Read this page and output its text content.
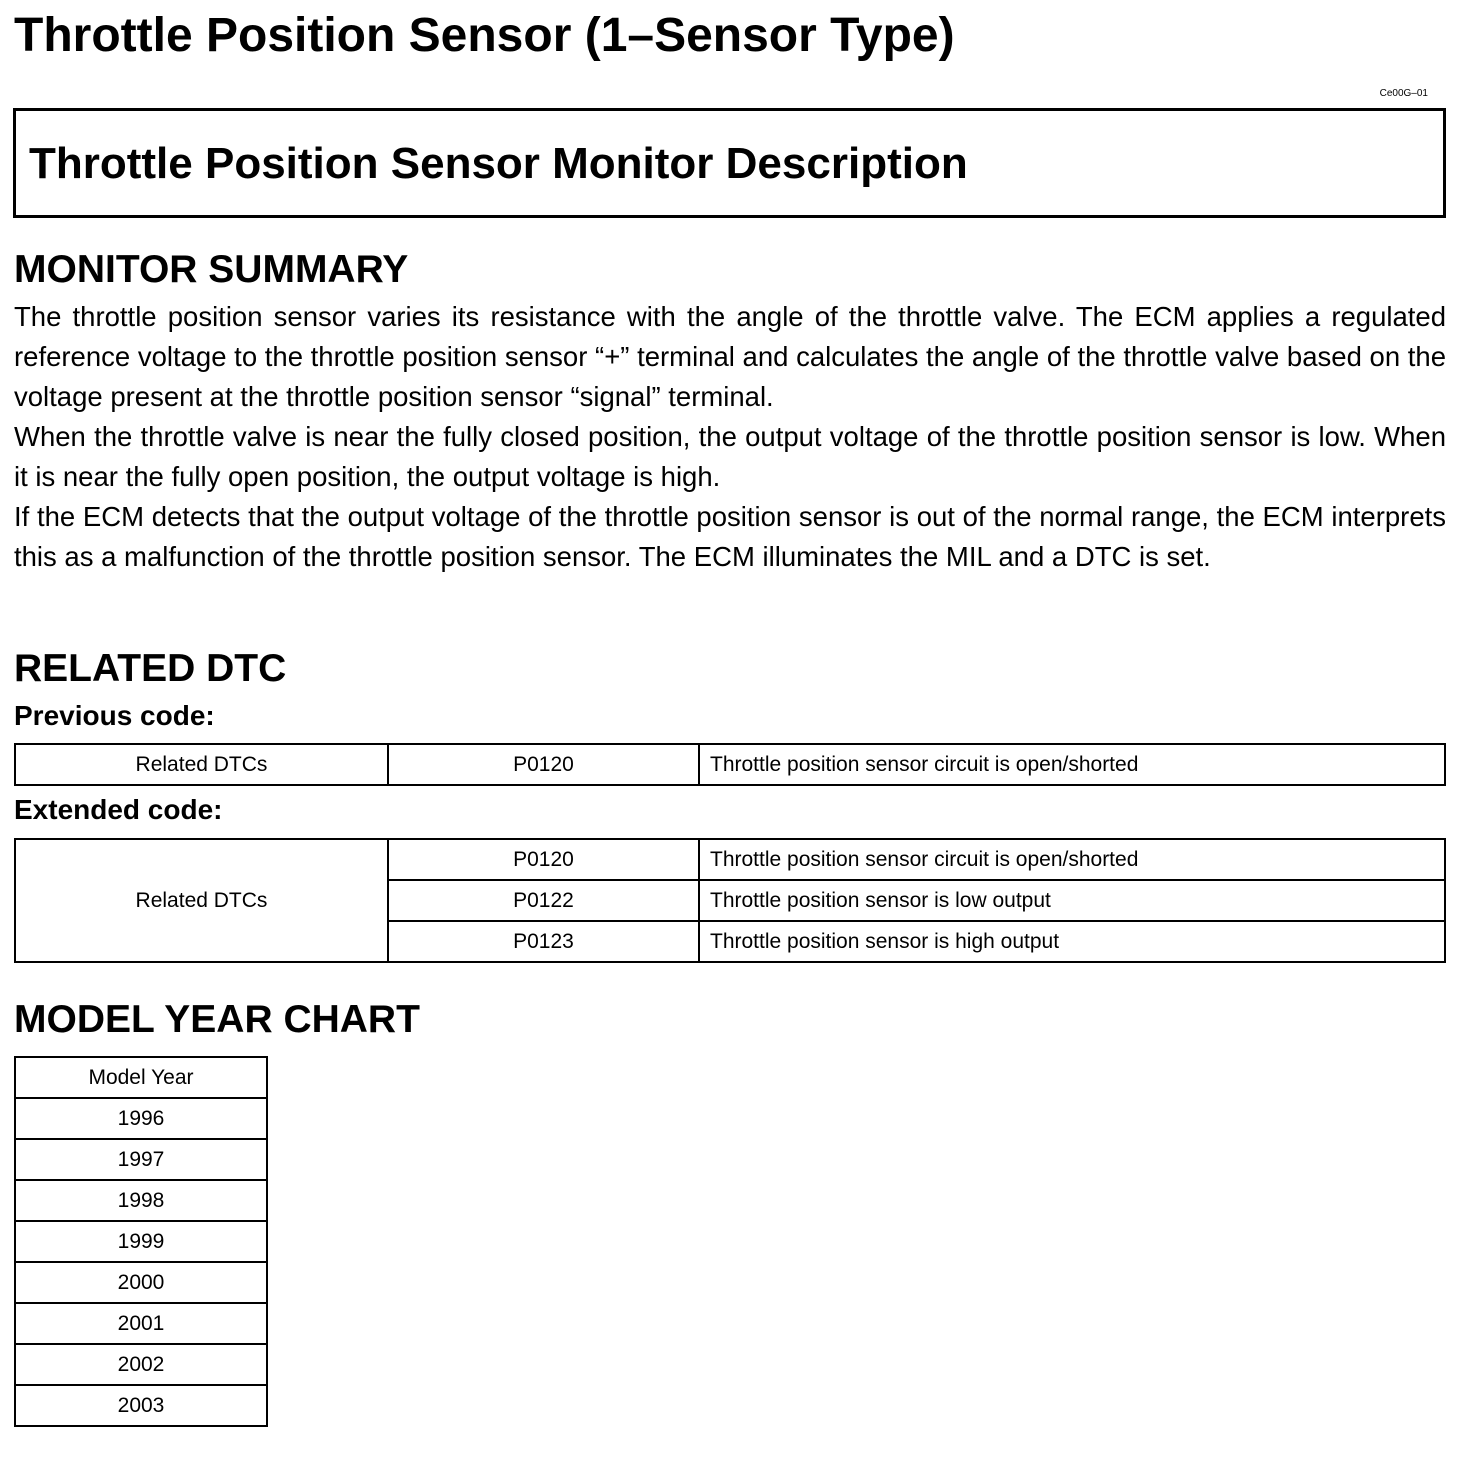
Throttle Position Sensor (1–Sensor Type)
Ce00G–01
Throttle Position Sensor Monitor Description
MONITOR SUMMARY

The throttle position sensor varies its resistance with the angle of the throttle valve. The ECM applies a regulated reference voltage to the throttle position sensor “+” terminal and calculates the angle of the throttle valve based on the voltage present at the throttle position sensor “signal” terminal.

When the throttle valve is near the fully closed position, the output voltage of the throttle position sensor is low. When it is near the fully open position, the output voltage is high.

If the ECM detects that the output voltage of the throttle position sensor is out of the normal range, the ECM interprets this as a malfunction of the throttle position sensor. The ECM illuminates the MIL and a DTC is set.

RELATED DTC
Previous code:
Related DTCs	P0120	Throttle position sensor circuit is open/shorted
Extended code:
Related DTCs	P0120	Throttle position sensor circuit is open/shorted
	P0122	Throttle position sensor is low output
	P0123	Throttle position sensor is high output
MODEL YEAR CHART
Model Year
1996
1997
1998
1999
2000
2001
2002
2003
